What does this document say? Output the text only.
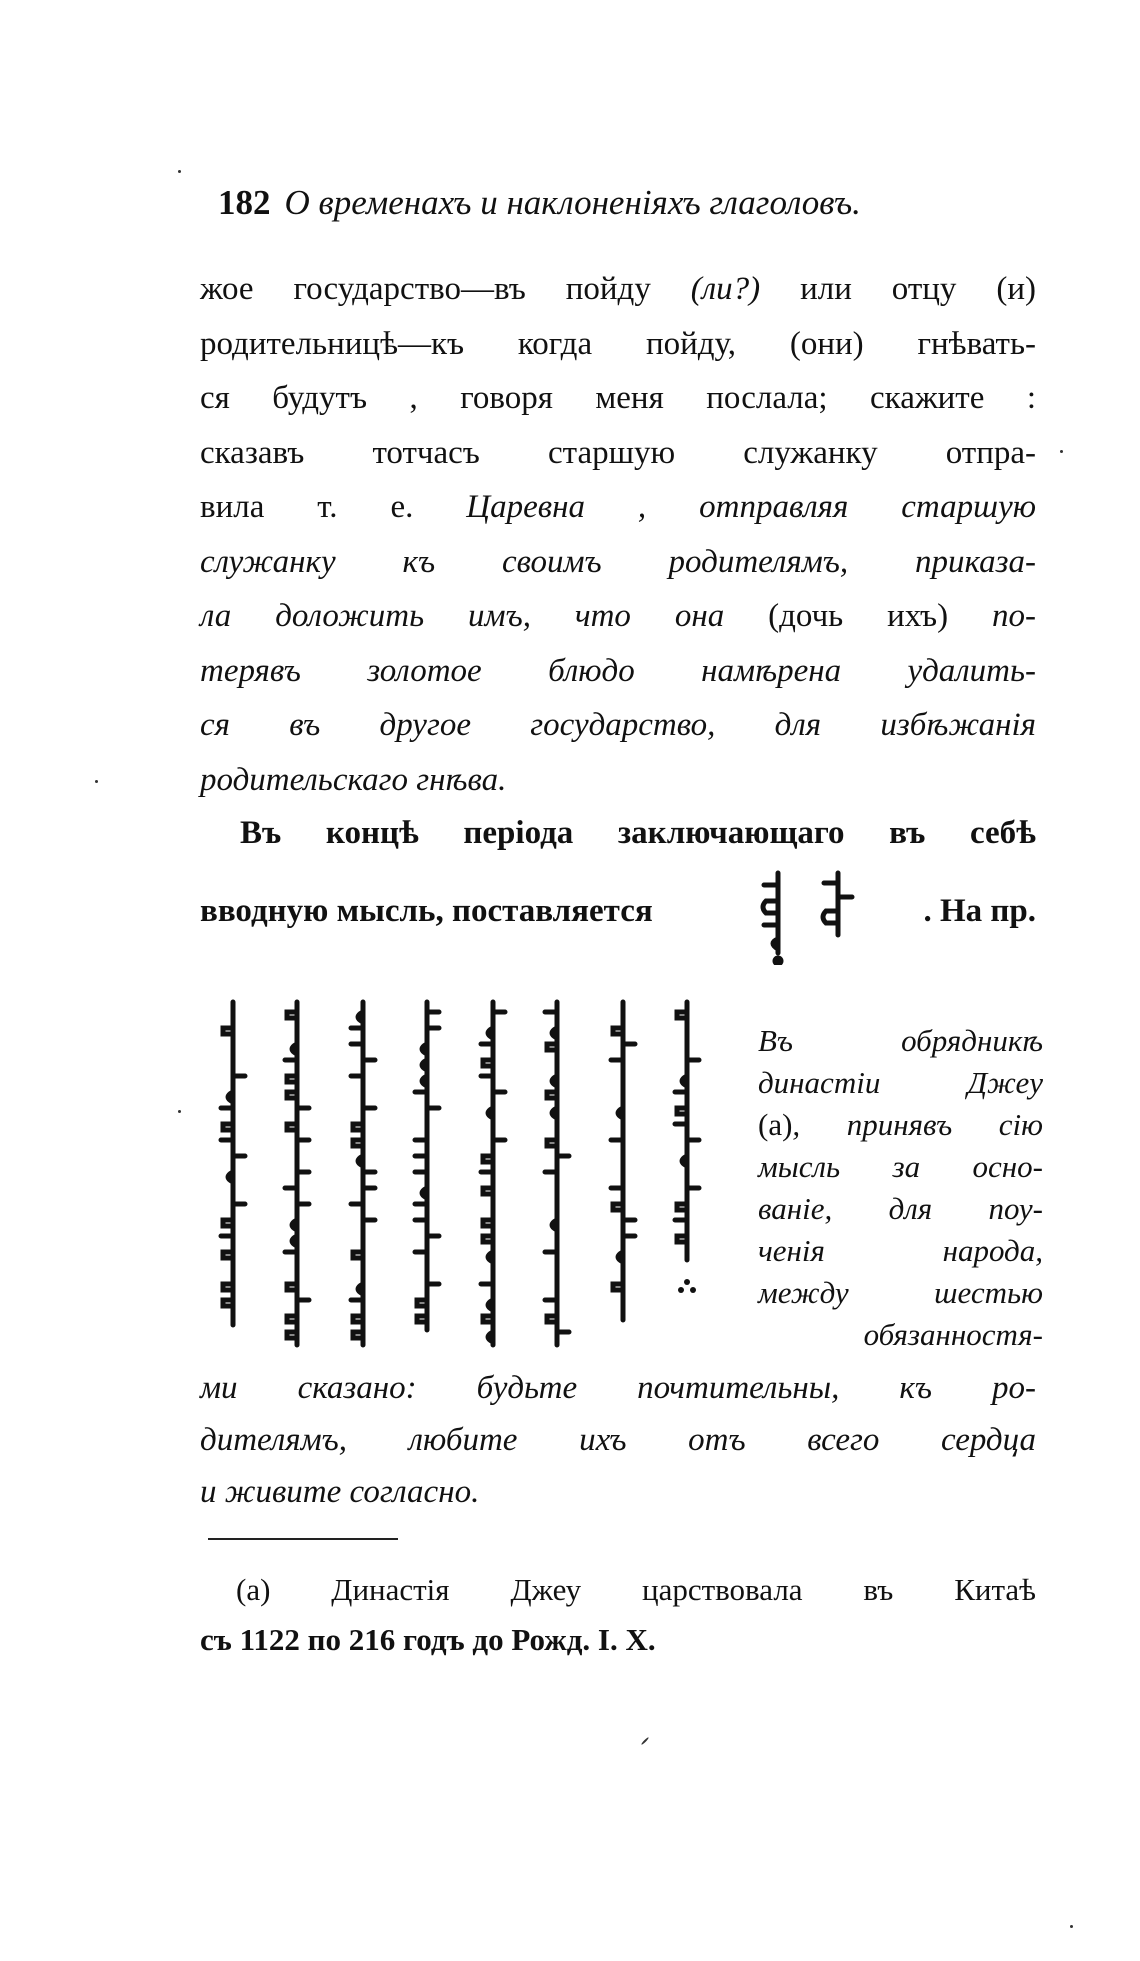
182 О временахъ и наклоненіяхъ глаголовъ.
жое государство—въ пойду (ли?) или отцу (и)
родительницѣ—къ когда пойду, (они) гнѣвать-
ся будутъ , говоря меня послала; скажите :
сказавъ тотчасъ старшую служанку отпра-
вила т. е. Царевна , отправляя старшую
служанку къ своимъ родителямъ, приказа-
ла доложить имъ, что она (дочь ихъ) по-
терявъ золотое блюдо намѣрена удалить-
ся въ другое государство, для избѣжанія
родительскаго гнѣва.
Въ концѣ періода заключающаго въ себѣ
вводную мысль, поставляется	. На пр.
Въ обрядникѣ
династіи Джеу
(а), принявъ сію
мысль за осно-
ваніе, для поу-
ченія народа,
между шестью
обязанностя-
ми сказано: будьте почтительны, къ ро-
дителямъ, любите ихъ отъ всего сердца
и живите согласно.
(а) Династія Джеу царствовала въ Китаѣ
съ 1122 по 216 годъ до Рожд. І. Х.
